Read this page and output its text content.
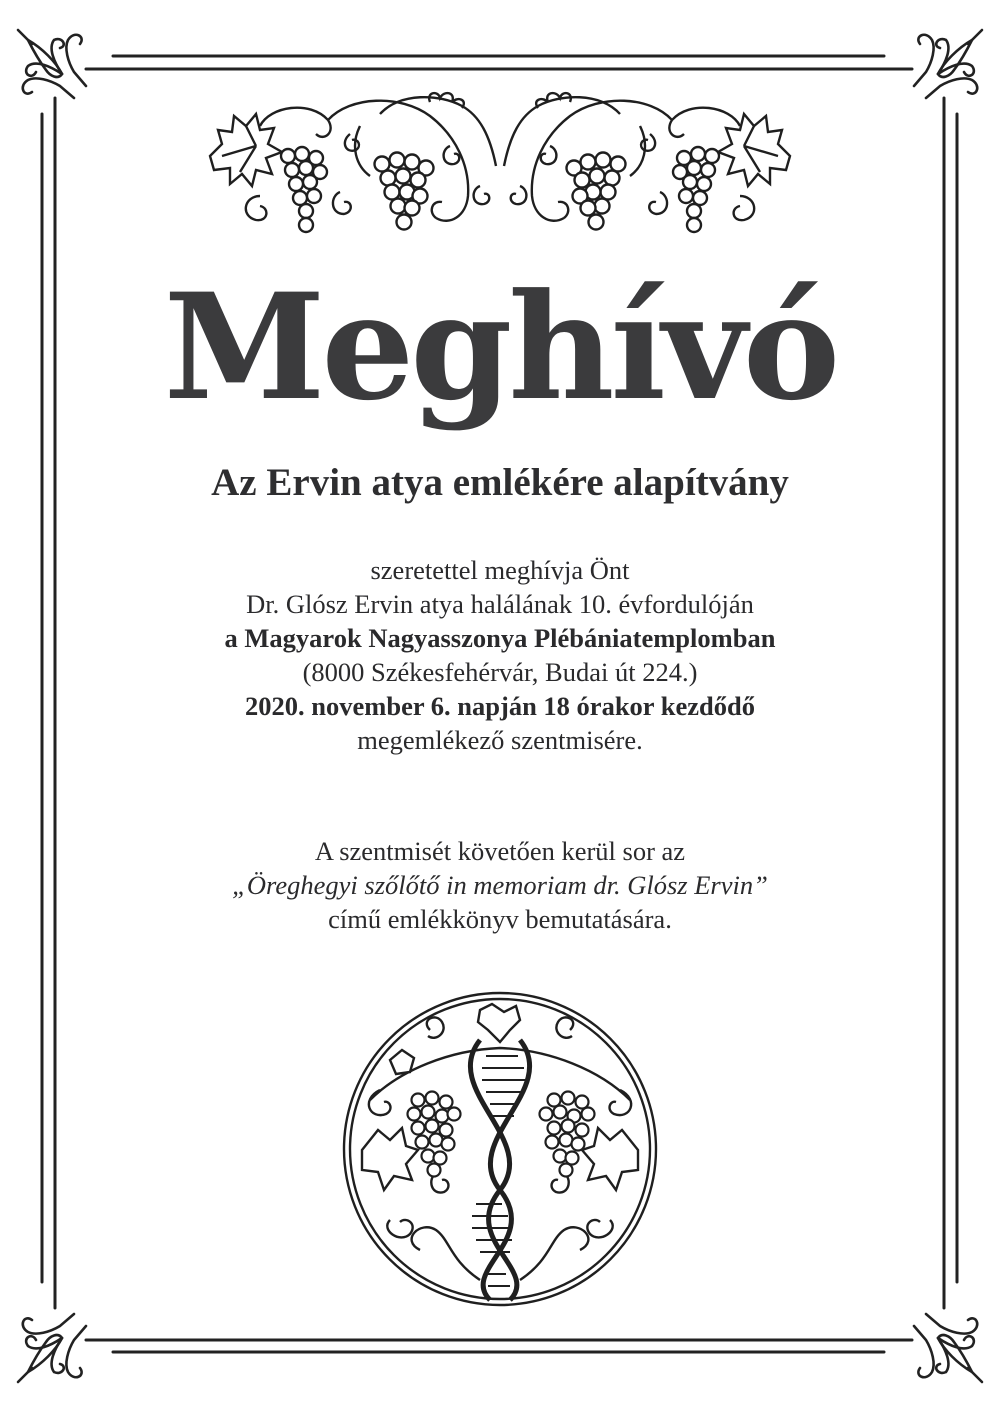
Meghívó
Az Ervin atya emlékére alapítvány
szeretettel meghívja Önt
Dr. Glósz Ervin atya halálának 10. évfordulóján
a Magyarok Nagyasszonya Plébániatemplomban
(8000 Székesfehérvár, Budai út 224.)
2020. november 6. napján 18 órakor kezdődő
megemlékező szentmisére.
A szentmisét követően kerül sor az
„Öreghegyi szőlőtő in memoriam dr. Glósz Ervin”
című emlékkönyv bemutatására.
